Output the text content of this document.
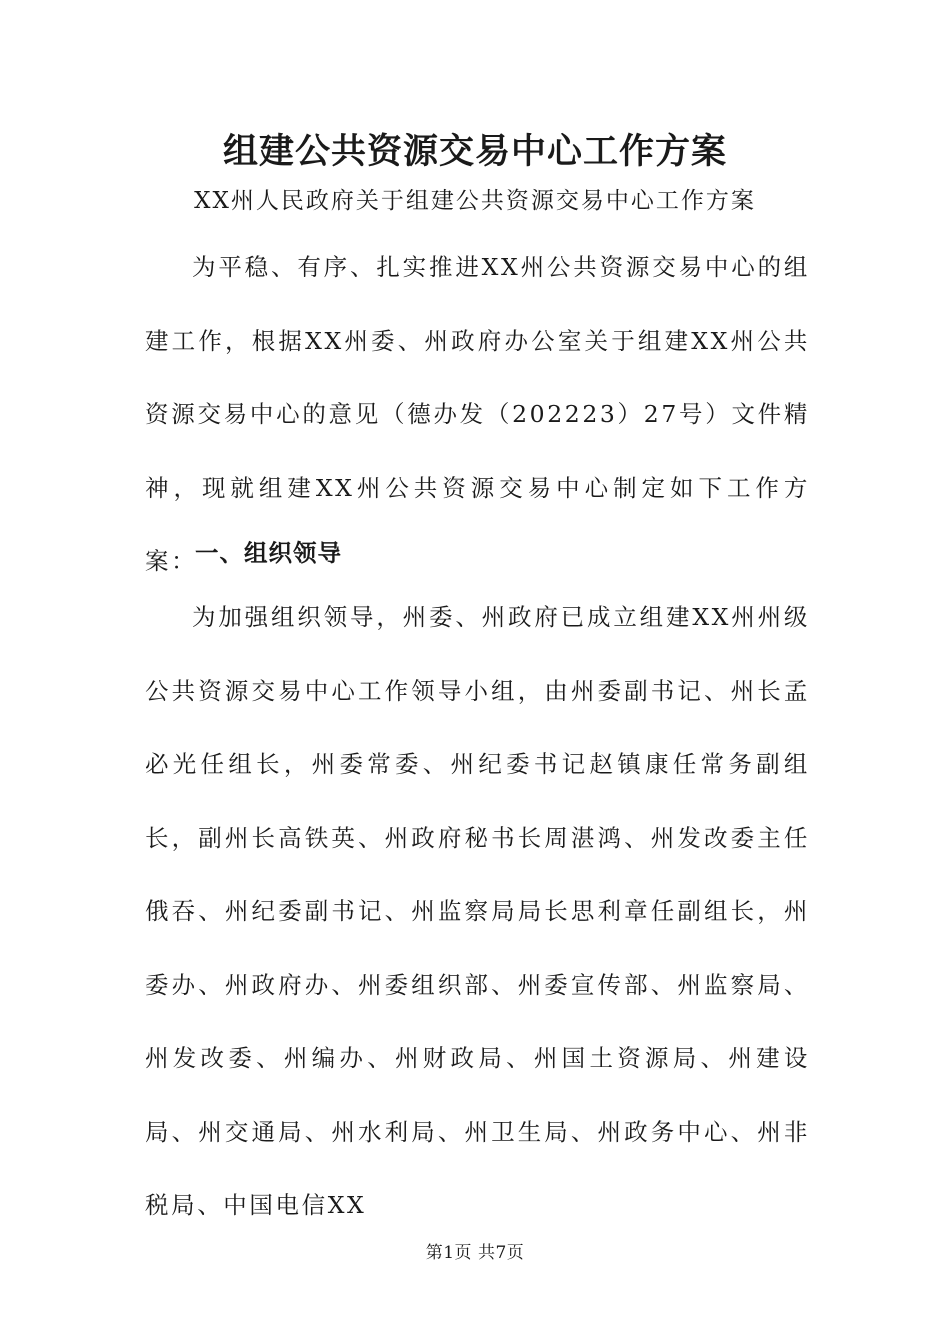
组建公共资源交易中心工作方案
XX州人民政府关于组建公共资源交易中心工作方案

为平稳、有序、扎实推进XX州公共资源交易中心的组建工作，根据XX州委、州政府办公室关于组建XX州公共资源交易中心的意见（德办发（202223）27号）文件精神，现就组建XX州公共资源交易中心制定如下工作方案：

一、组织领导

为加强组织领导，州委、州政府已成立组建XX州州级公共资源交易中心工作领导小组，由州委副书记、州长孟必光任组长，州委常委、州纪委书记赵镇康任常务副组长，副州长高铁英、州政府秘书长周湛鸿、州发改委主任俄吞、州纪委副书记、州监察局局长思利章任副组长，州委办、州政府办、州委组织部、州委宣传部、州监察局、州发改委、州编办、州财政局、州国土资源局、州建设局、州交通局、州水利局、州卫生局、州政务中心、州非税局、中国电信XX

第1页 共7页
